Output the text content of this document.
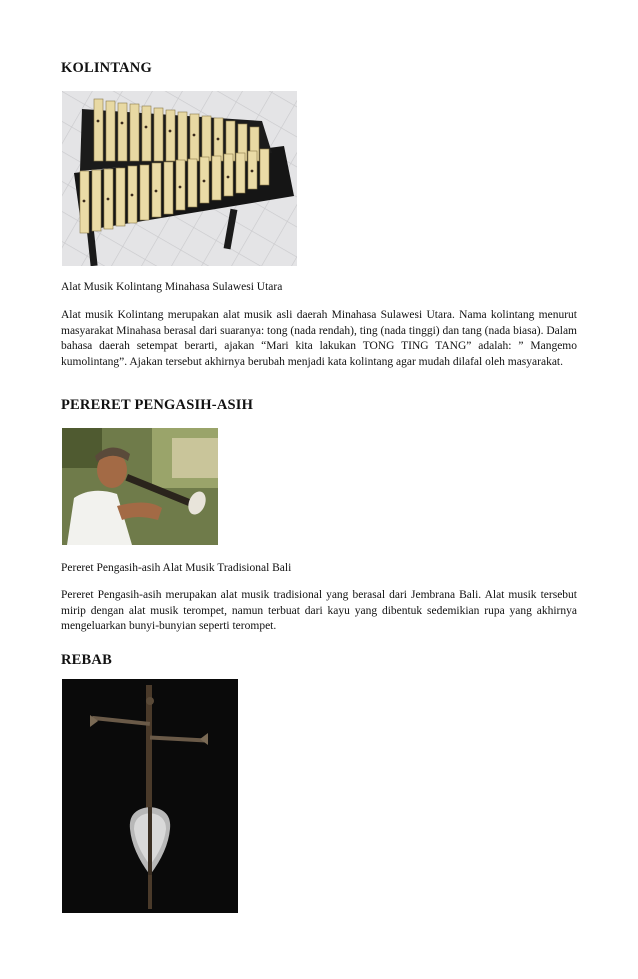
KOLINTANG

Alat Musik Kolintang Minahasa Sulawesi Utara

Alat musik Kolintang merupakan alat musik asli daerah Minahasa Sulawesi Utara. Nama kolintang menurut masyarakat Minahasa berasal dari suaranya: tong (nada rendah), ting (nada tinggi) dan tang (nada biasa). Dalam bahasa daerah setempat berarti, ajakan “Mari kita lakukan TONG TING TANG” adalah: ” Mangemo kumolintang”. Ajakan tersebut akhirnya berubah menjadi kata kolintang agar mudah dilafal oleh masyarakat.

PERERET PENGASIH-ASIH

Pereret Pengasih-asih Alat Musik Tradisional Bali

Pereret Pengasih-asih merupakan alat musik tradisional yang berasal dari Jembrana Bali. Alat musik tersebut mirip dengan alat musik terompet, namun terbuat dari kayu yang dibentuk sedemikian rupa yang akhirnya mengeluarkan bunyi-bunyian seperti terompet.

REBAB
